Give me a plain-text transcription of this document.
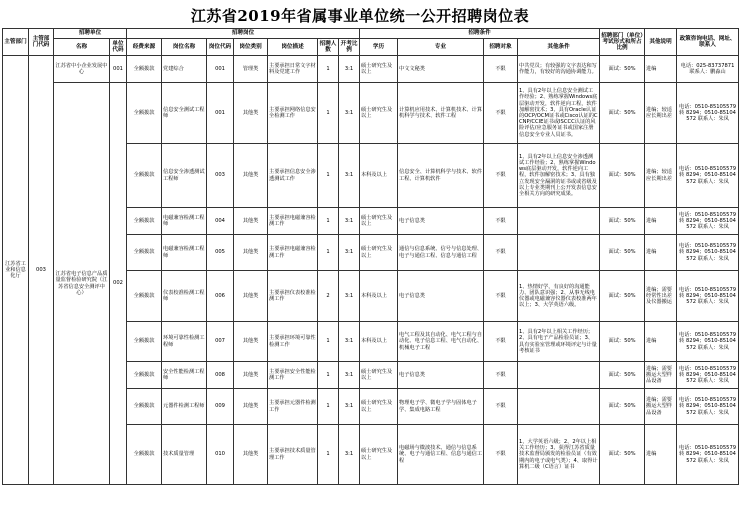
江苏省2019年省属事业单位统一公开招聘岗位表
主管部门	主管部门代码	招聘单位		招聘岗位							招聘条件				招聘部门（单位）考试形式和所占比例	其他说明	政策咨询电话、网址、联系人
		名称	单位代码	经费来源	岗位名称	岗位代码	岗位类别	岗位描述	招聘人数	开考比例	学历	专业	招聘对象	其他条件			
江苏省工业和信息化厅	003	江苏省中小企业发展中心	001	全额拨款	党建综合	001	管理类	主要承担日常文字材料及党建工作	1	3:1	硕士研究生及以上	中文文秘类	不限	中共党员；有较强的文字表达和写作能力，有较好的沟通协调能力。	面试：50%	进编	电话：025-83737871 联系人：鹏淼山
		江苏省电子信息产品质量监督检验研究院（江苏省信息安全测评中心）	002	全额拨款	信息安全测试工程师	001	其他类	主要承担网络信息安全检测工作	1	3:1	硕士研究生及以上	计算机应用技术、计算机技术、计算机科学与技术、软件工程	不限	1、具有2年以上信息安全测试工作经验；2、熟练掌握Windows底层驱动开发，软件逆向工程，软件加解密技术；3、具有Oracle认证的OCP/OCM证书或Cisco认证的CCNP/CCIE证书或ISCCC认证的风险评估/应急服务证书或国家注册信息安全专业人员证书。	面试：50%	进编；较适应长期出差	电话：0510-85105579 转 8294；0510-85104572 联系人：朱凤
				全额拨款	信息安全渗透测试工程师	003	其他类	主要承担信息安全渗透测试工作	1	3:1	本科及以上	信息安全、计算机科学与技术、软件工程、计算机软件	不限	1、具有2年以上信息安全渗透测试工作经验；2、熟练掌握Windows底层驱动开发，软件逆向工程，软件加解密技术；3、具有独立发现安全漏洞的证书或或省级及以上专业类期刊上公开发表信息安全相关方向的研究成果。	面试：50%	进编；较适应长期出差	电话：0510-85105579 转 8294；0510-85104572 联系人：朱凤
				全额拨款	电磁兼容检测工程师	004	其他类	主要承担电磁兼容检测工作	1	3:1	硕士研究生及以上	电子信息类	不限		面试：50%	进编	电话：0510-85105579 转 8294；0510-85104572 联系人：朱凤
				全额拨款	电磁兼容检测工程师	005	其他类	主要承担电磁兼容检测工作	1	3:1	硕士研究生及以上	通信与信息系统、信号与信息处理、电子与通信工程、信息与通信工程	不限		面试：50%	进编	电话：0510-85105579 转 8294；0510-85104572 联系人：朱凤
				全额拨款	仪表校准检测工程师	006	其他类	主要承担仪表校准检测工作	2	3:1	本科及以上	电子信息类	不限	1、热情好学，有良好的沟通能力、团队意识强；2、从事无线电仪器或电磁兼容仪器仪表校准两年以上；3、大学英语六级。	面试：50%	进编；需要经常性出差及仪器搬运	电话：0510-85105579 转 8294；0510-85104572 联系人：朱凤
				全额拨款	环境可靠性检测工程师	007	其他类	主要承担环境可靠性检测工作	1	3:1	本科及以上	电气工程及其自动化、电气工程与自动化、电子信息工程、电气自动化、机械电子工程	不限	1、具有2年以上相关工作经历；2、具有电子产品检验员证；3、具有实验室管理或环境评定与计量考核证书	面试：50%	进编	电话：0510-85105579 转 8294；0510-85104572 联系人：朱凤
				全额拨款	安全性能检测工程师	008	其他类	主要承担安全性能检测工作	1	3:1	硕士研究生及以上	电子信息类	不限		面试：50%	进编；需要搬运大型样品设备	电话：0510-85105579 转 8294；0510-85104572 联系人：朱凤
				全额拨款	元器件检测工程师	009	其他类	主要承担元器件检测工作	1	3:1	硕士研究生及以上	物理电子学、微电子学与固体电子学、集成电路工程	不限		面试：50%	进编；需要搬运大型样品设备	电话：0510-85105579 转 8294；0510-85104572 联系人：朱凤
				全额拨款	技术质量管理	010	其他类	主要承担技术质量管理工作	1	3:1	硕士研究生及以上	电磁场与微波技术、通信与信息系统、电子与通信工程、信息与通信工程	不限	1、大学英语六级；2、2年以上相关工作经历；3、获得江苏省质量技术监督局颁发的检验员证（有效期内的电子或电气类）；4、取得计算机二级（C语言）证书	面试：50%	进编	电话：0510-85105579 转 8294；0510-85104572 联系人：朱凤
